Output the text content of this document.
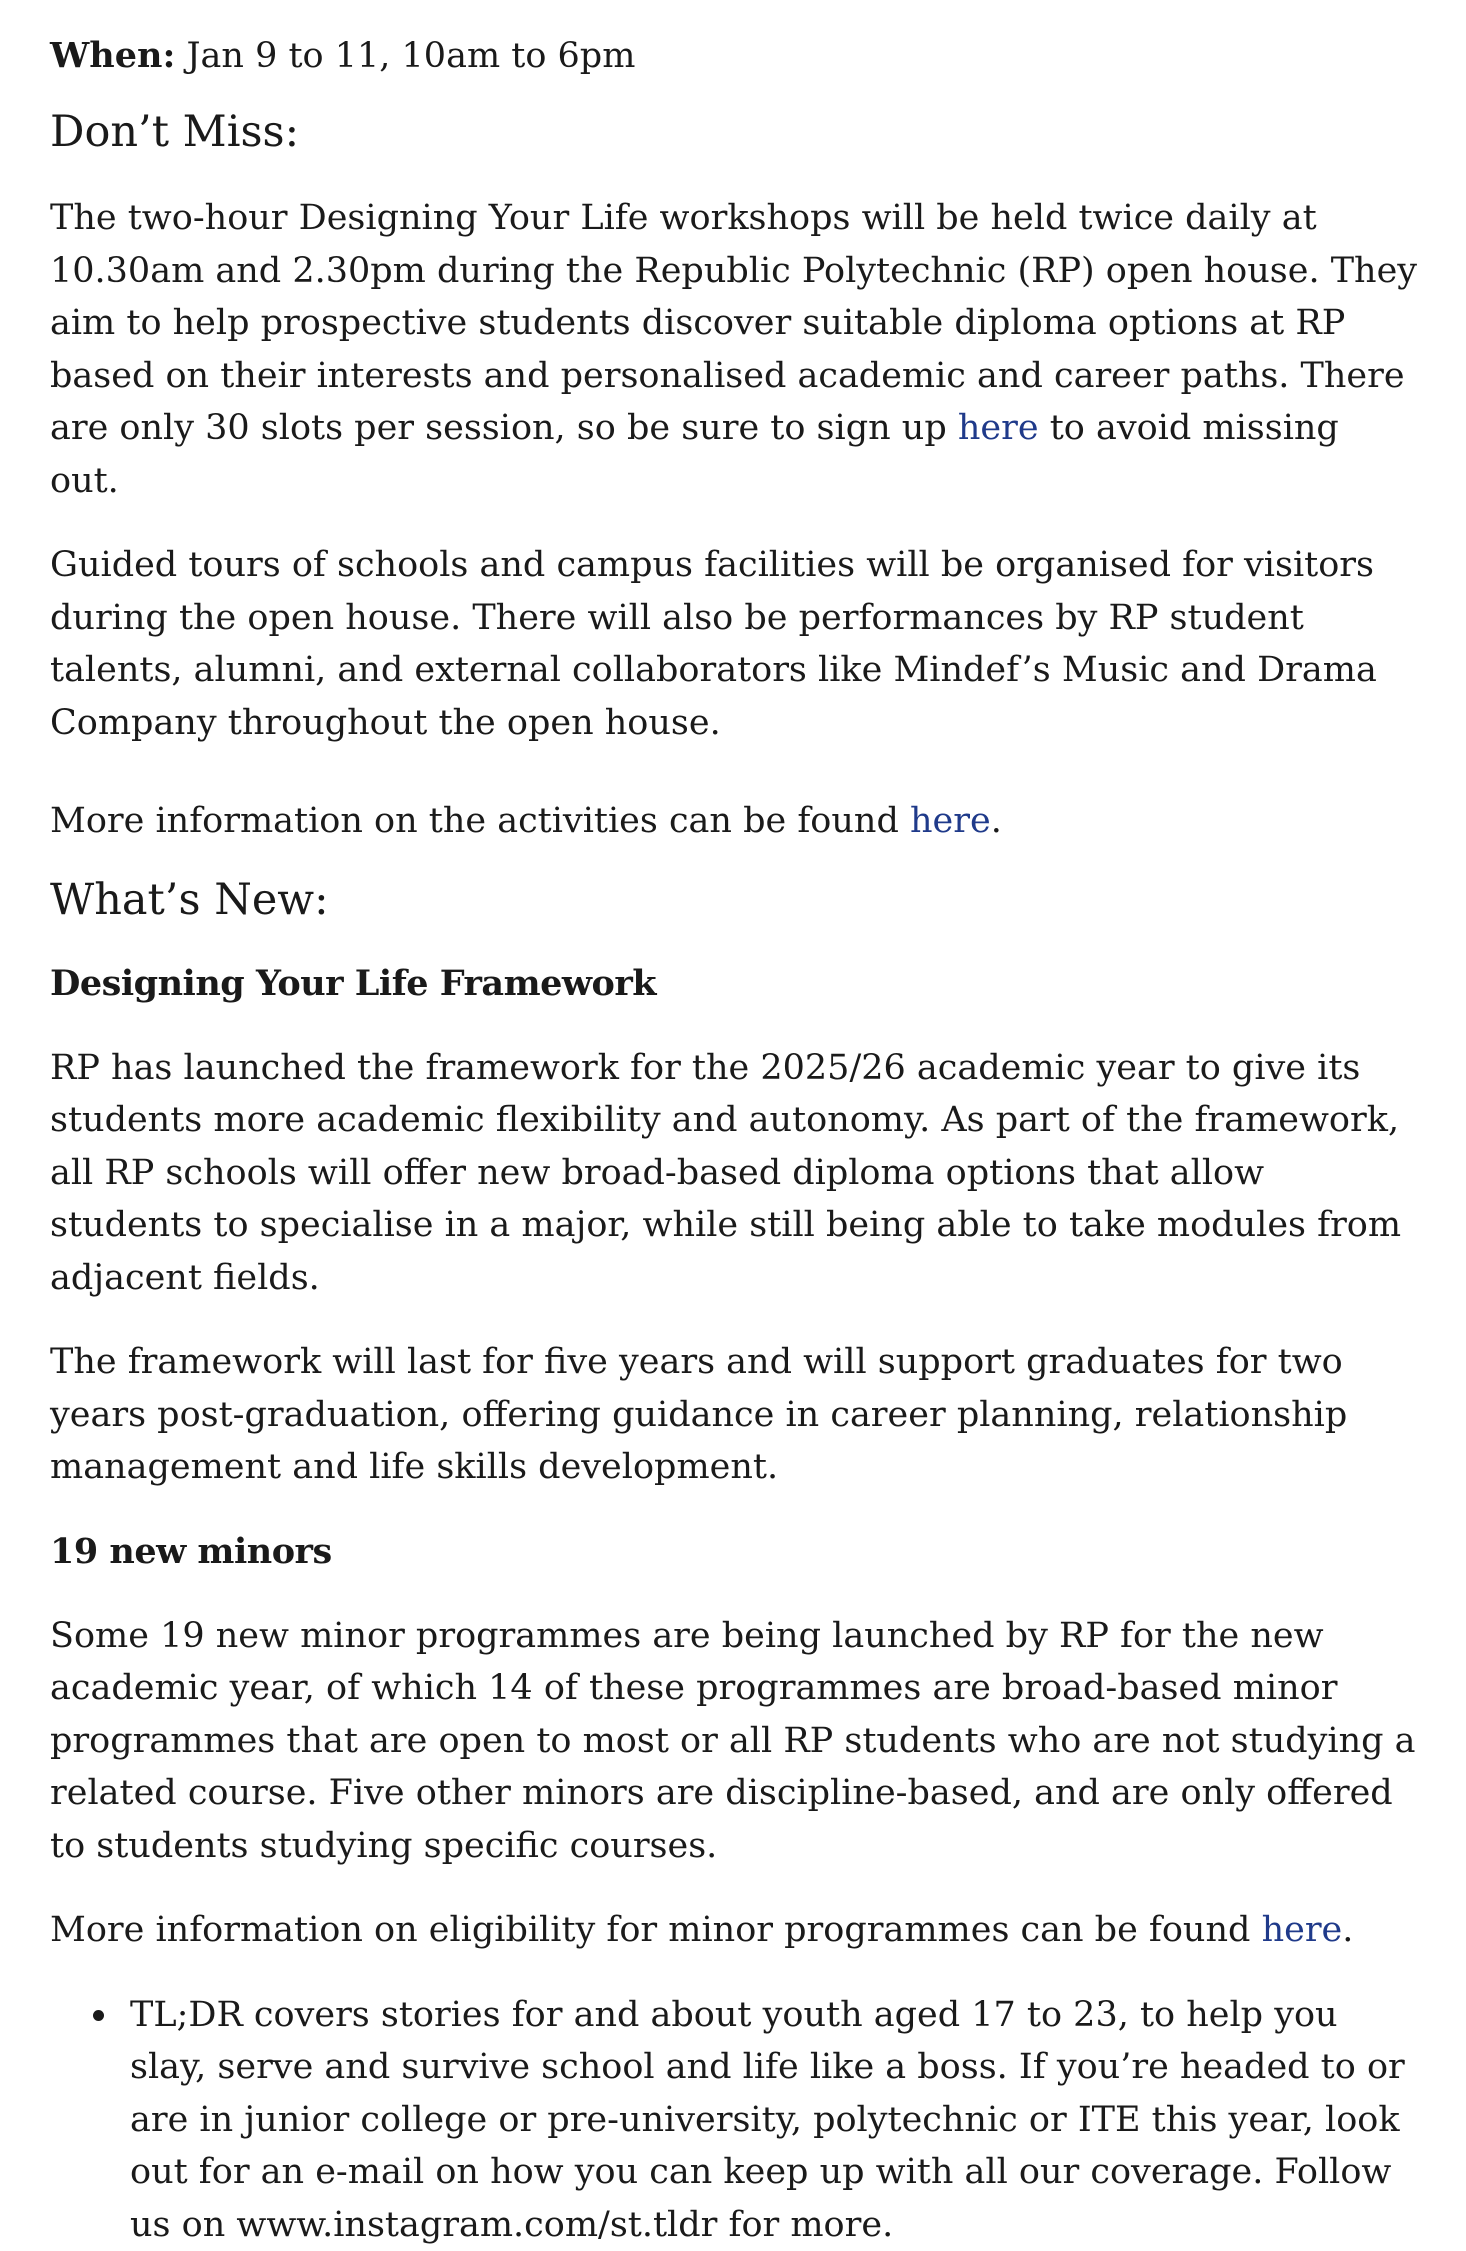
When: Jan 9 to 11, 10am to 6pm

Don’t Miss:

The two-hour Designing Your Life workshops will be held twice daily at 10.30am and 2.30pm during the Republic Polytechnic (RP) open house. They aim to help prospective students discover suitable diploma options at RP based on their interests and personalised academic and career paths. There are only 30 slots per session, so be sure to sign up here to avoid missing out.

Guided tours of schools and campus facilities will be organised for visitors during the open house. There will also be performances by RP student talents, alumni, and external collaborators like Mindef’s Music and Drama Company throughout the open house.

More information on the activities can be found here.

What’s New:
Designing Your Life Framework

RP has launched the framework for the 2025/26 academic year to give its students more academic flexibility and autonomy. As part of the framework, all RP schools will offer new broad-based diploma options that allow students to specialise in a major, while still being able to take modules from adjacent fields.

The framework will last for five years and will support graduates for two years post-graduation, offering guidance in career planning, relationship management and life skills development.

19 new minors

Some 19 new minor programmes are being launched by RP for the new academic year, of which 14 of these programmes are broad-based minor programmes that are open to most or all RP students who are not studying a related course. Five other minors are discipline-based, and are only offered to students studying specific courses.

More information on eligibility for minor programmes can be found here.

TL;DR covers stories for and about youth aged 17 to 23, to help you slay, serve and survive school and life like a boss. If you’re headed to or are in junior college or pre-university, polytechnic or ITE this year, look out for an e-mail on how you can keep up with all our coverage. Follow us on www.instagram.com/st.tldr for more.
